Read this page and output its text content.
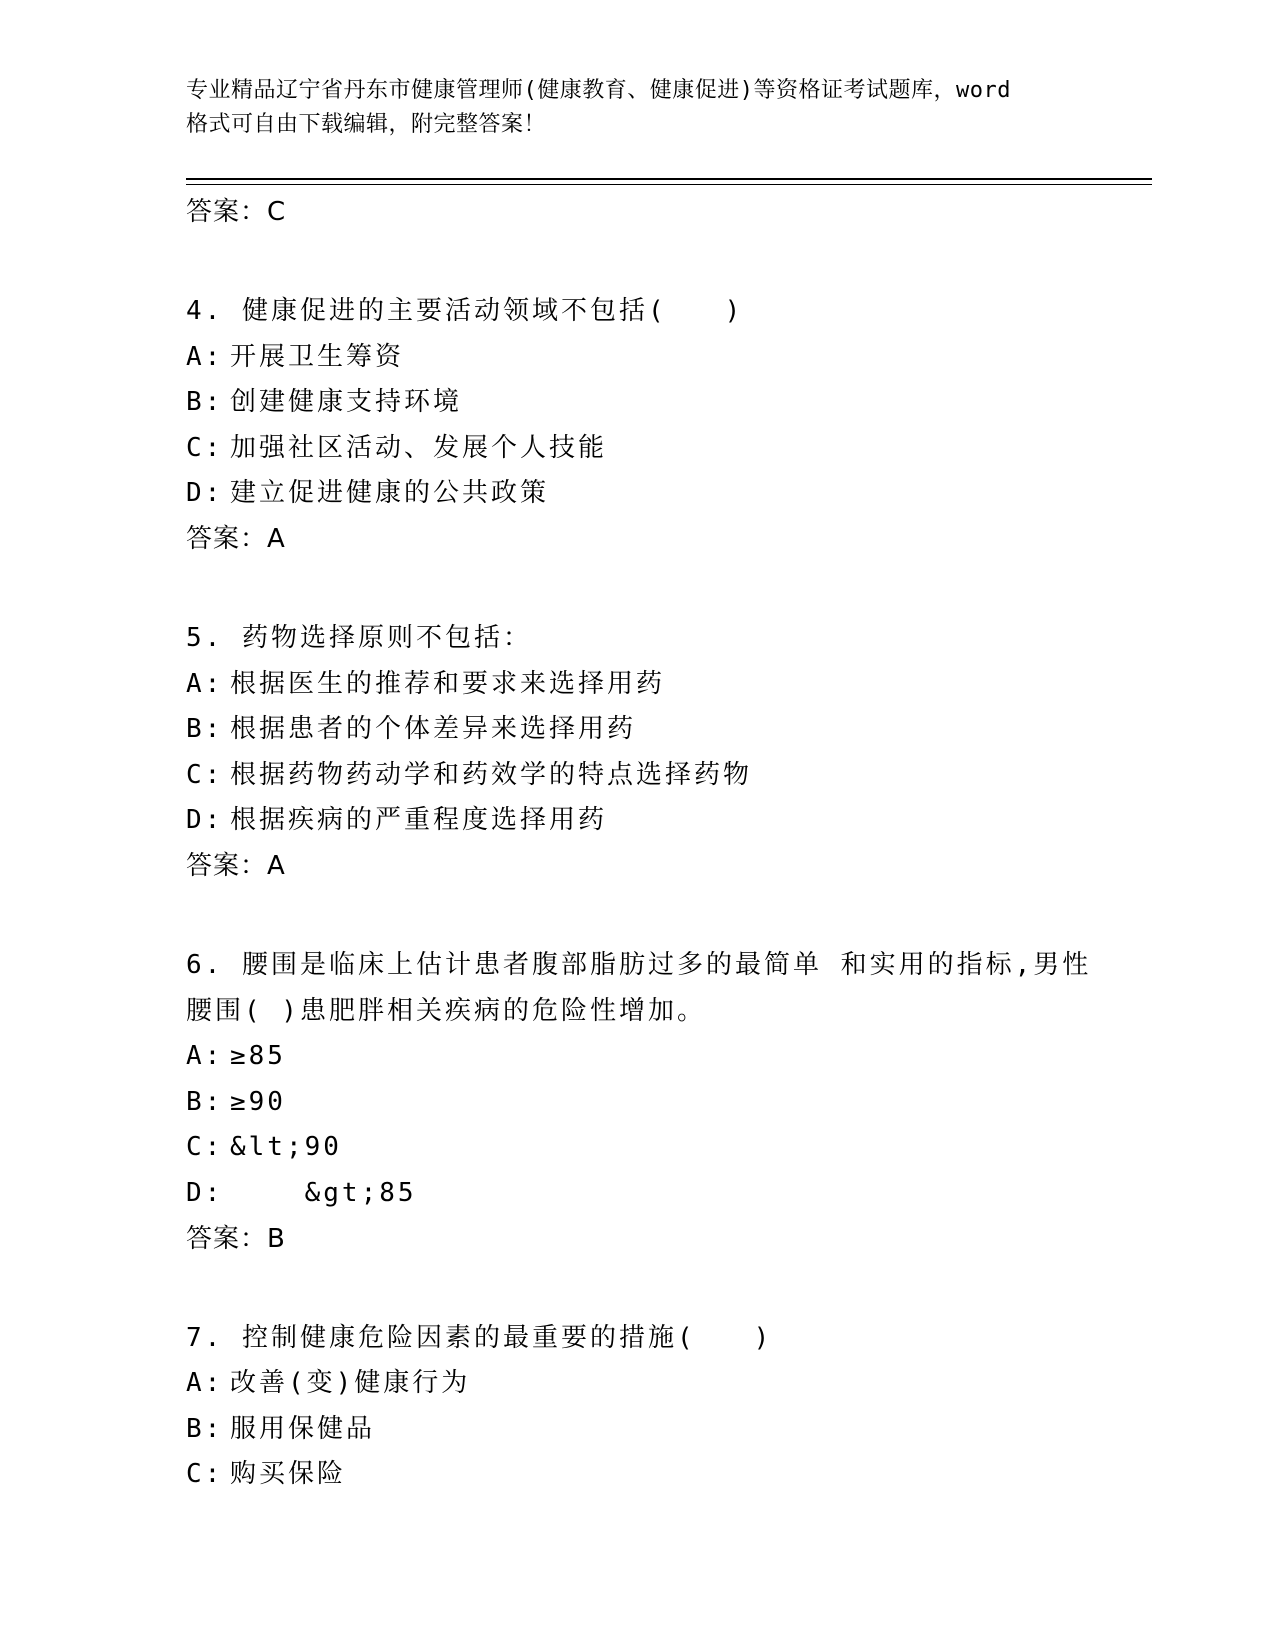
专业精品辽宁省丹东市健康管理师(健康教育、健康促进)等资格证考试题库，word
格式可自由下载编辑，附完整答案！
答案：C
4. 健康促进的主要活动领域不包括(　　)
A: 开展卫生筹资
B: 创建健康支持环境
C: 加强社区活动、发展个人技能
D: 建立促进健康的公共政策
答案：A
5. 药物选择原则不包括：
A: 根据医生的推荐和要求来选择用药
B: 根据患者的个体差异来选择用药
C: 根据药物药动学和药效学的特点选择药物
D: 根据疾病的严重程度选择用药
答案：A
6. 腰围是临床上估计患者腹部脂肪过多的最简单 和实用的指标,男性
腰围( )患肥胖相关疾病的危险性增加。
A: ≥85
B: ≥90
C: &lt;90
D:    &gt;85
答案：B
7. 控制健康危险因素的最重要的措施(　　)
A: 改善(变)健康行为
B: 服用保健品
C: 购买保险
